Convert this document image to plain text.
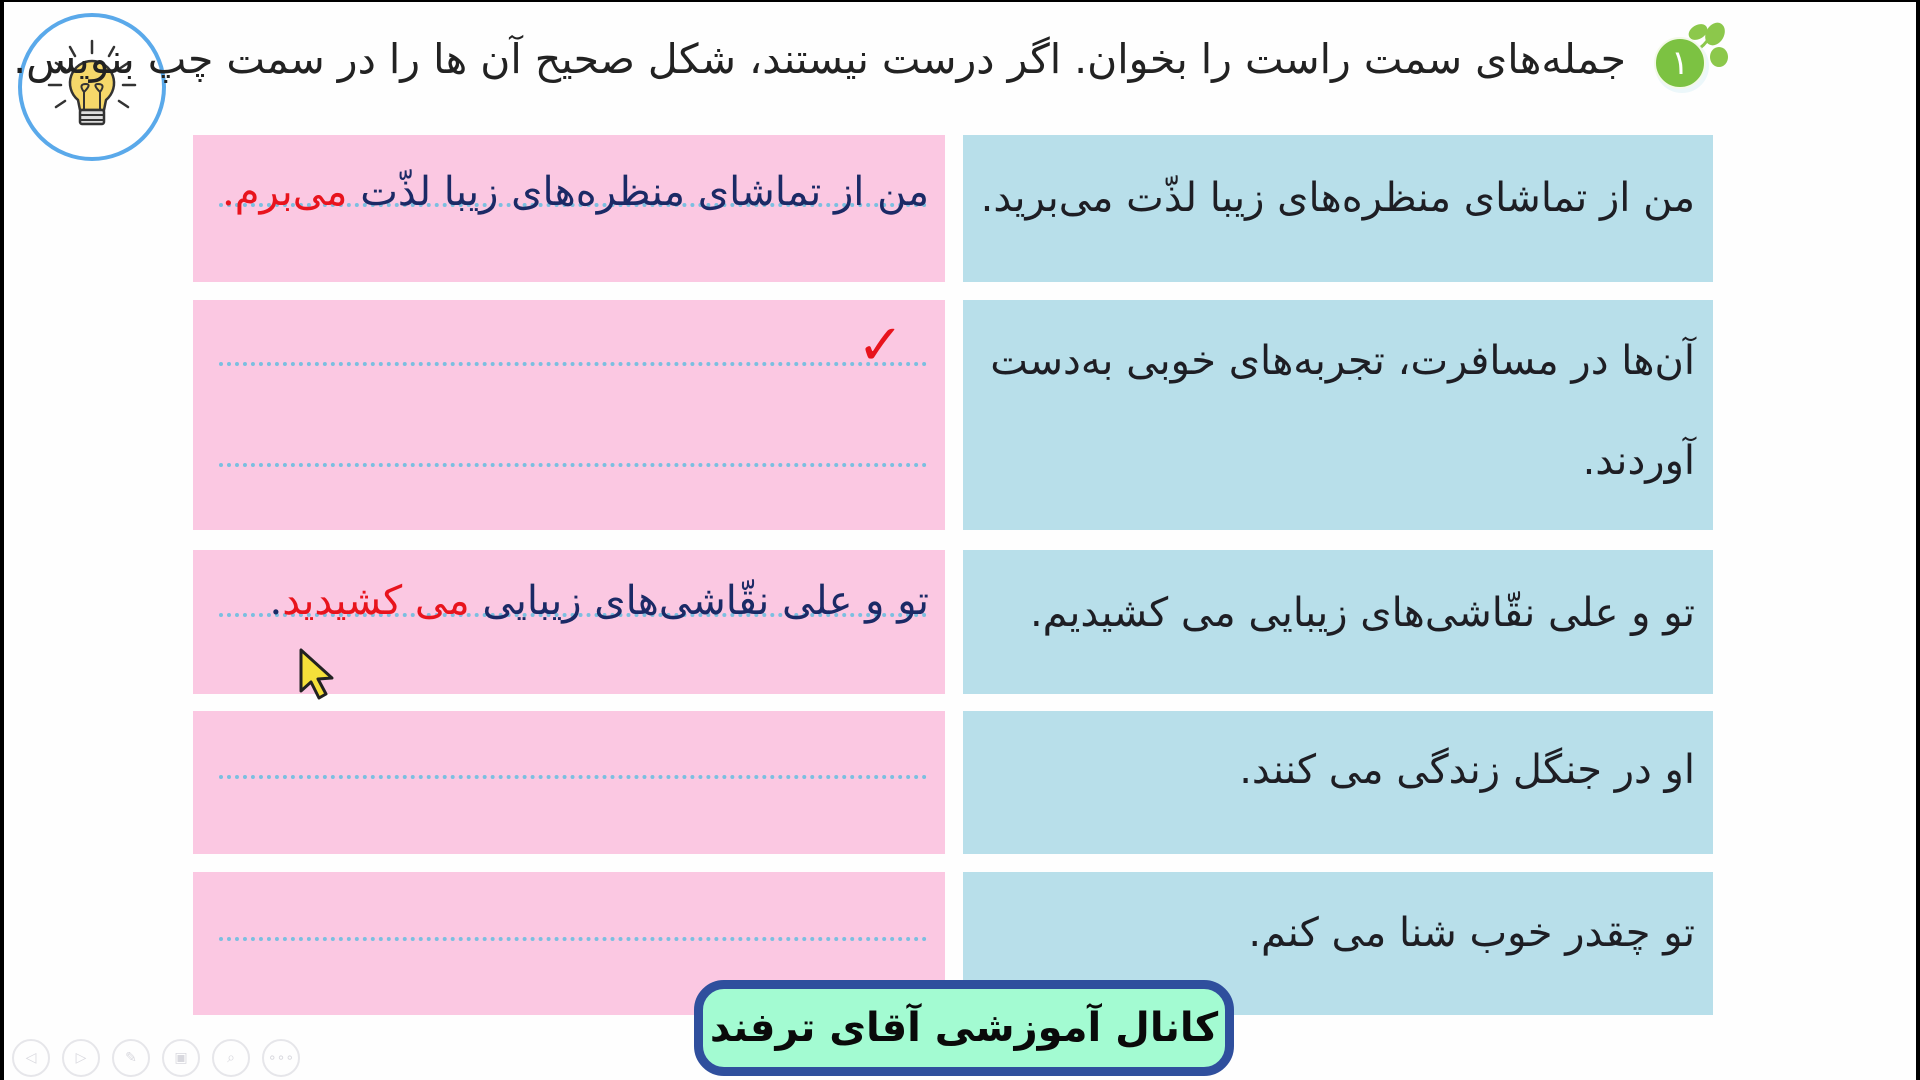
جمله‌های سمت راست را بخوان. اگر درست نیستند، شکل صحیح آن ها را در سمت چپ بنویس. ۱
من از تماشای منظره‌های زیبا لذّت می‌برید.
من از تماشای منظره‌های زیبا لذّت می‌برم.
آن‌ها در مسافرت، تجربه‌های خوبی به‌دست
آوردند.
✓
تو و علی نقّاشی‌های زیبایی می کشیدیم.
تو و علی نقّاشی‌های زیبایی می کشیدید.
او در جنگل زندگی می کنند.
تو چقدر خوب شنا می کنم.
کانال آموزشی آقای ترفند
◁	▷	✎	▣	⌕ ∘∘∘
